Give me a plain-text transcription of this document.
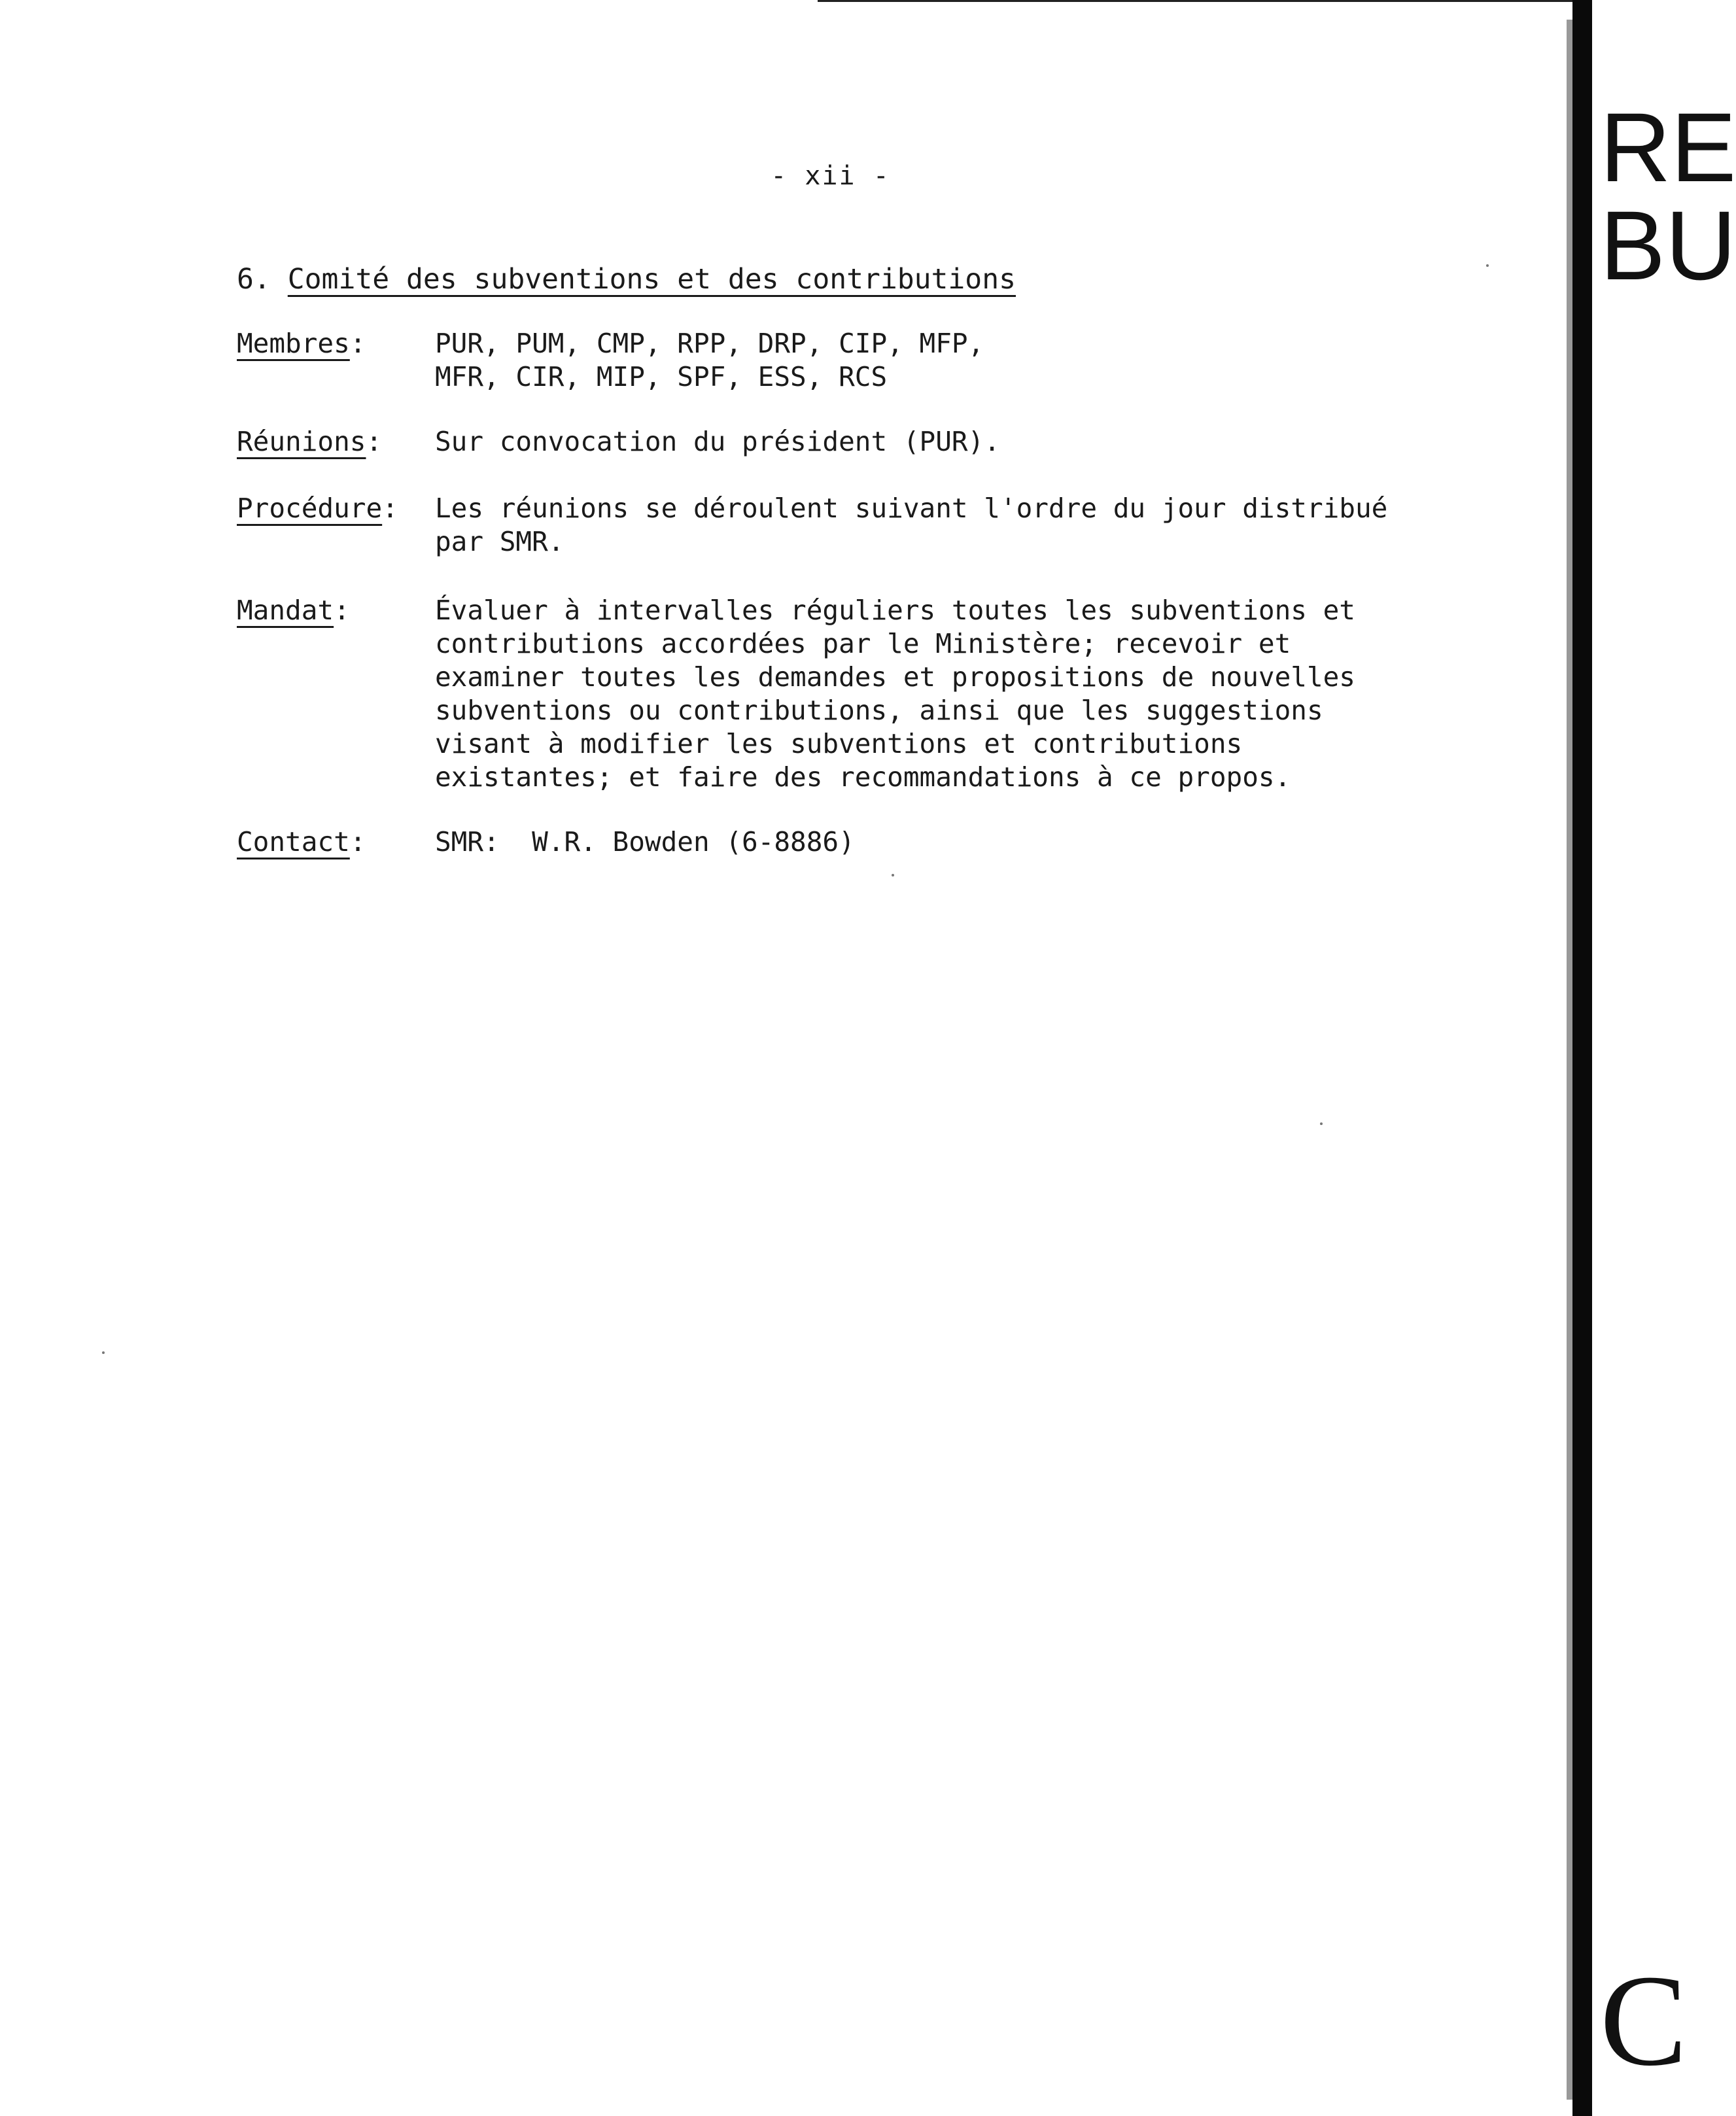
- xii -
6. Comité des subventions et des contributions
Membres:	PUR, PUM, CMP, RPP, DRP, CIP, MFP,
MFR, CIR, MIP, SPF, ESS, RCS
Réunions: Sur convocation du président (PUR).
Procédure: Les réunions se déroulent suivant l'ordre du jour distribué
par SMR.
Mandat:	Évaluer à intervalles réguliers toutes les subventions et
contributions accordées par le Ministère; recevoir et
examiner toutes les demandes et propositions de nouvelles
subventions ou contributions, ainsi que les suggestions
visant à modifier les subventions et contributions
existantes; et faire des recommandations à ce propos.
Contact:	SMR:  W.R. Bowden (6-8886)
RE
BU
C
